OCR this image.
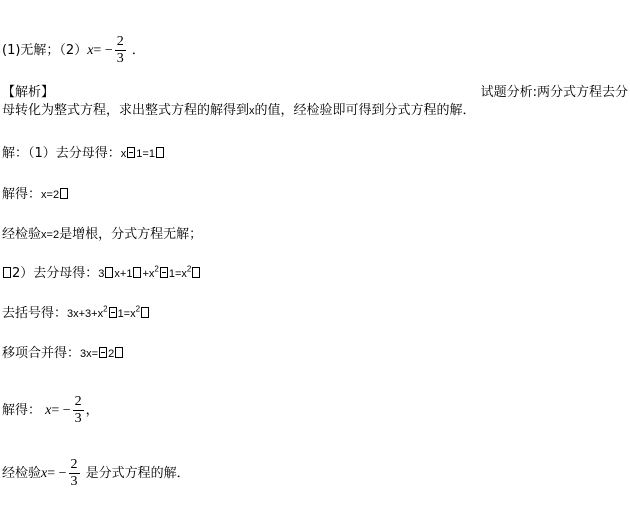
(1)无解；$(2)x= - \frac{2}{3}$ ．
【解析】	试题分析:两分式方程去分
母转化为整式方程，求出整式方程的解得到x的值，经检验即可得到分式方程的解．
解：（1）去分母得：x 1=1
解得：x=2
经检验x=2是增根，分式方程无解；
2）去分母得：3 $x+1 +x^2$ $1=x^2$
去括号得：$3x+3+x^2$ $1=x^2$
移项合并得：3x= 2
解得： $x= - \frac{2}{3}$ ，
经检验$x= - \frac{2}{3}$ 是分式方程的解．
